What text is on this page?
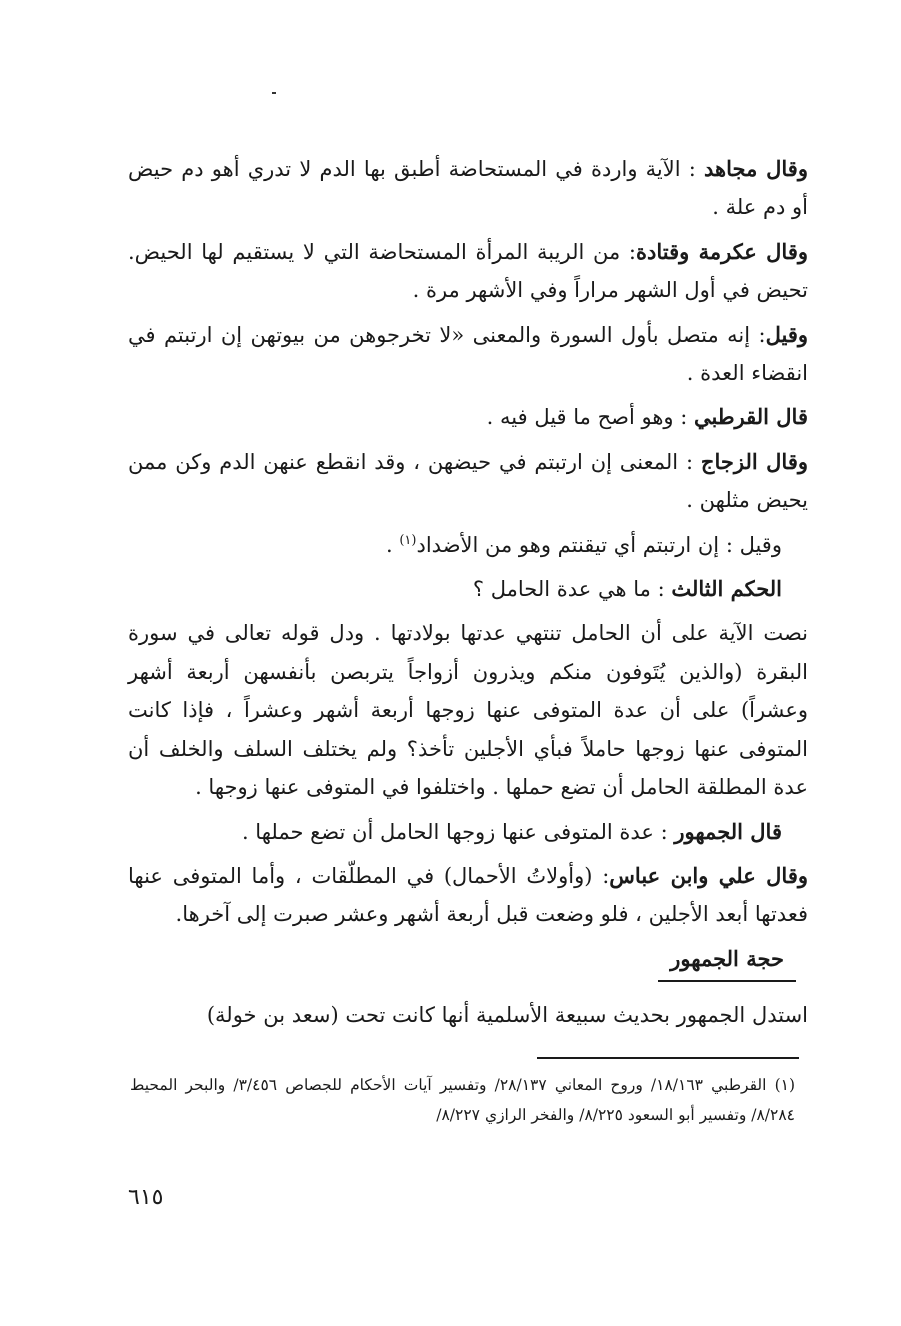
وقال مجاهد : الآية واردة في المستحاضة أطبق بها الدم لا تدري أهو دم حيض أو دم علة .

وقال عكرمة وقتادة: من الريبة المرأة المستحاضة التي لا يستقيم لها الحيض. تحيض في أول الشهر مراراً وفي الأشهر مرة .

وقيل: إنه متصل بأول السورة والمعنى «لا تخرجوهن من بيوتهن إن ارتبتم في انقضاء العدة .

قال القرطبي : وهو أصح ما قيل فيه .

وقال الزجاج : المعنى إن ارتبتم في حيضهن ، وقد انقطع عنهن الدم وكن ممن يحيض مثلهن .

وقيل : إن ارتبتم أي تيقنتم وهو من الأضداد$^{(١)}$ .

الحكم الثالث : ما هي عدة الحامل ؟

نصت الآية على أن الحامل تنتهي عدتها بولادتها . ودل قوله تعالى في سورة البقرة (والذين يُتَوفون منكم ويذرون أزواجاً يتربصن بأنفسهن أربعة أشهر وعشراً) على أن عدة المتوفى عنها زوجها أربعة أشهر وعشراً ، فإذا كانت المتوفى عنها زوجها حاملاً فبأي الأجلين تأخذ؟ ولم يختلف السلف والخلف أن عدة المطلقة الحامل أن تضع حملها . واختلفوا في المتوفى عنها زوجها .

قال الجمهور : عدة المتوفى عنها زوجها الحامل أن تضع حملها .

وقال علي وابن عباس: (وأولاتُ الأحمال) في المطلّقات ، وأما المتوفى عنها فعدتها أبعد الأجلين ، فلو وضعت قبل أربعة أشهر وعشر صبرت إلى آخرها.

حجة الجمهور

استدل الجمهور بحديث سبيعة الأسلمية أنها كانت تحت (سعد بن خولة)

(١) القرطبي ١٨/١٦٣/ وروح المعاني ٢٨/١٣٧/ وتفسير آيات الأحكام للجصاص ٣/٤٥٦/ والبحر المحيط ٨/٢٨٤/ وتفسير أبو السعود ٨/٢٢٥/ والفخر الرازي ٨/٢٢٧/
٦١٥
